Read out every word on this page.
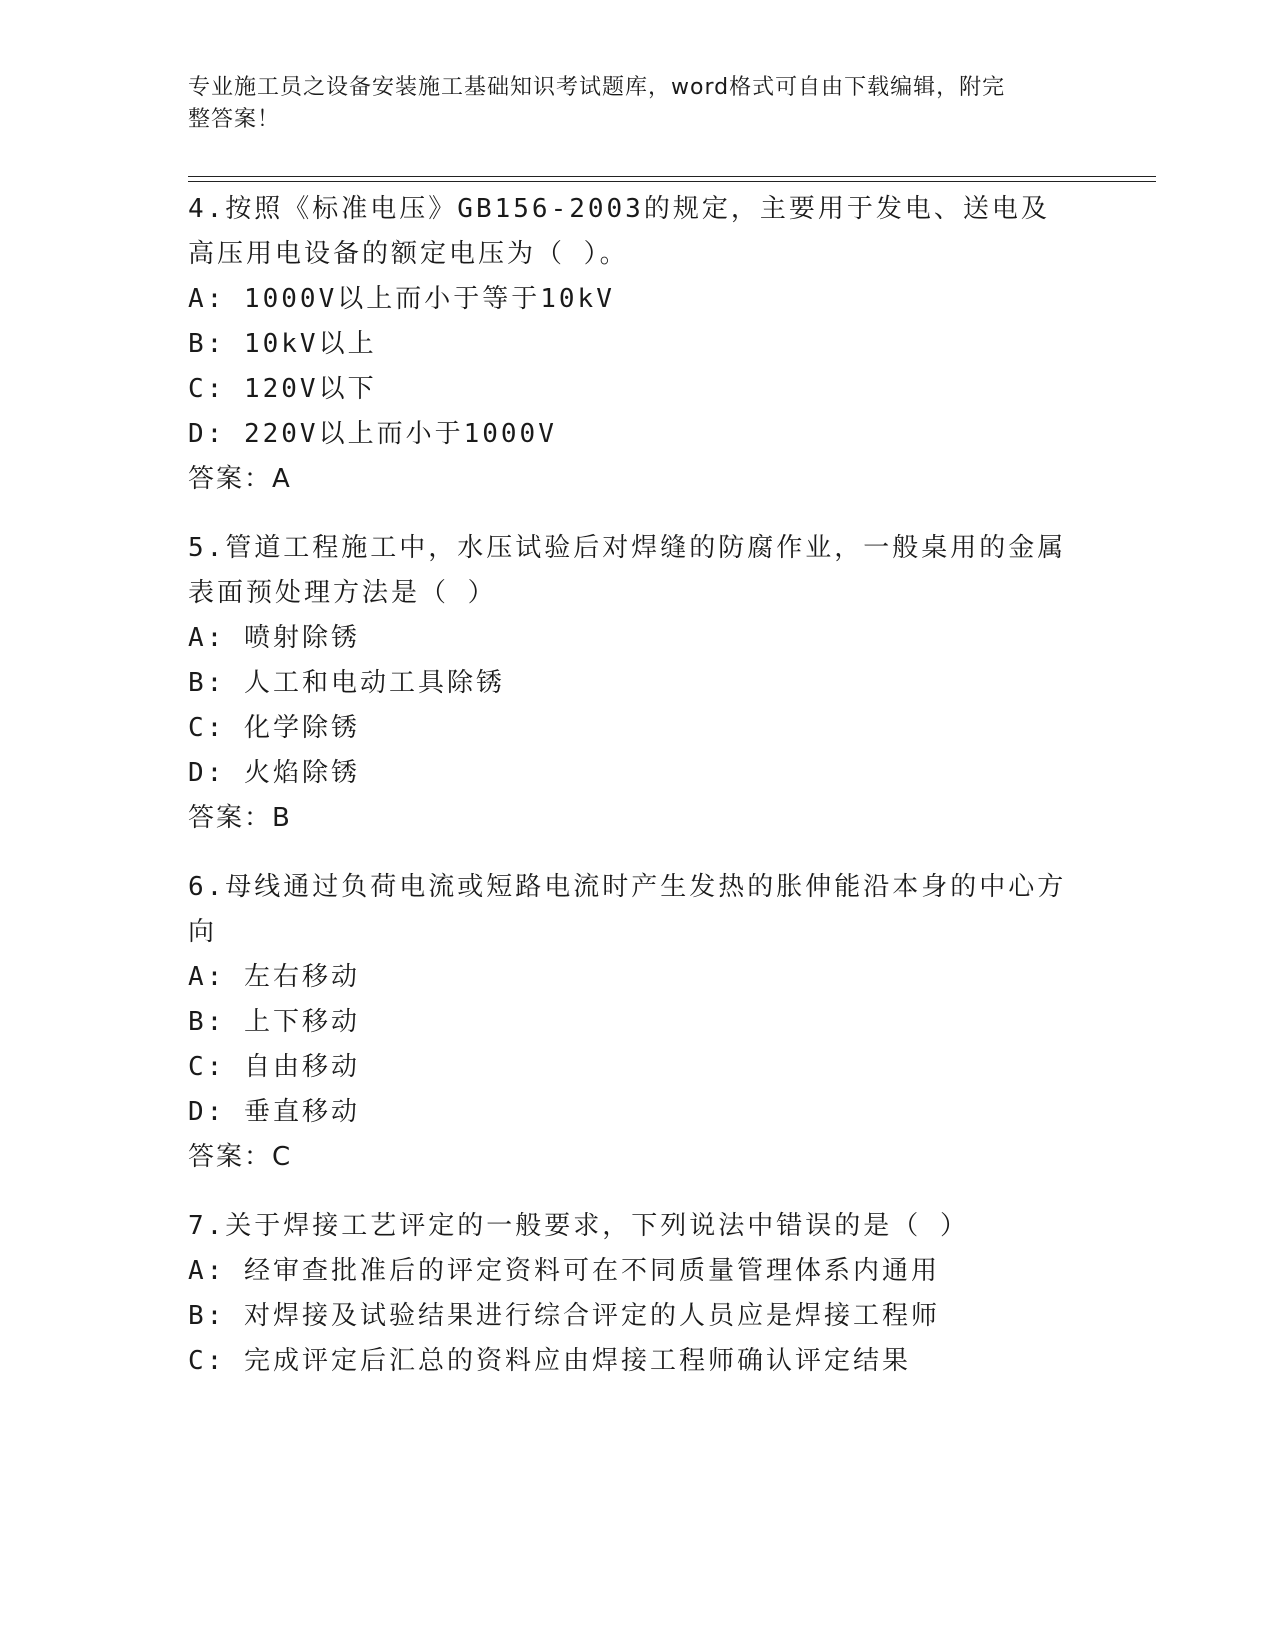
专业施工员之设备安装施工基础知识考试题库，word格式可自由下载编辑，附完
整答案！
4.按照《标准电压》GB156-2003的规定，主要用于发电、送电及高压用电设备的额定电压为（ ）。
A: 1000V以上而小于等于10kV
B: 10kV以上
C: 120V以下
D: 220V以上而小于1000V
答案：A
5.管道工程施工中，水压试验后对焊缝的防腐作业，一般桌用的金属表面预处理方法是（ ）
A: 喷射除锈
B: 人工和电动工具除锈
C: 化学除锈
D: 火焰除锈
答案：B
6.母线通过负荷电流或短路电流时产生发热的胀伸能沿本身的中心方向
A: 左右移动
B: 上下移动
C: 自由移动
D: 垂直移动
答案：C
7.关于焊接工艺评定的一般要求，下列说法中错误的是（ ）
A: 经审查批准后的评定资料可在不同质量管理体系内通用
B: 对焊接及试验结果进行综合评定的人员应是焊接工程师
C: 完成评定后汇总的资料应由焊接工程师确认评定结果
